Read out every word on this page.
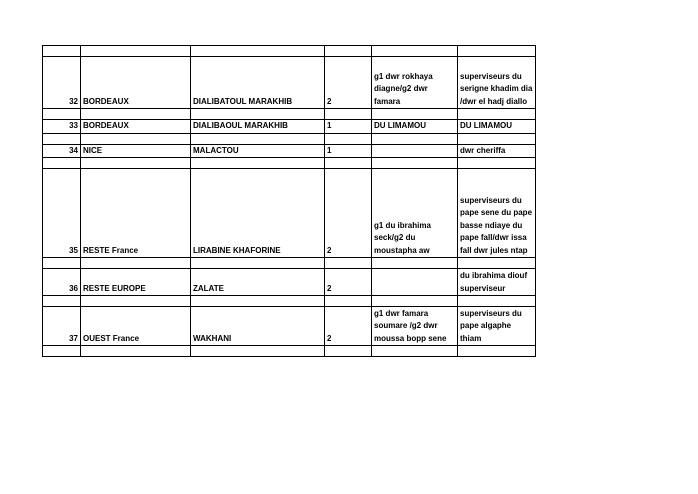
32	BORDEAUX	DIALIBATOUL MARAKHIB	2	g1 dwr rokhaya diagne/g2 dwr famara	superviseurs du serigne khadim dia /dwr el hadj diallo

33	BORDEAUX	DIALIBAOUL MARAKHIB	1	DU LIMAMOU	DU LIMAMOU

34	NICE	MALACTOU	1		dwr cheriffa

35	RESTE France	LIRABINE KHAFORINE	2	g1 du ibrahima seck/g2 du moustapha aw	superviseurs du pape sene du pape basse ndiaye du pape fall/dwr issa fall dwr jules ntap

36	RESTE EUROPE	ZALATE	2		du ibrahima diouf superviseur

37	OUEST France	WAKHANI	2	g1 dwr famara soumare /g2 dwr moussa bopp sene	superviseurs du pape algaphe thiam
